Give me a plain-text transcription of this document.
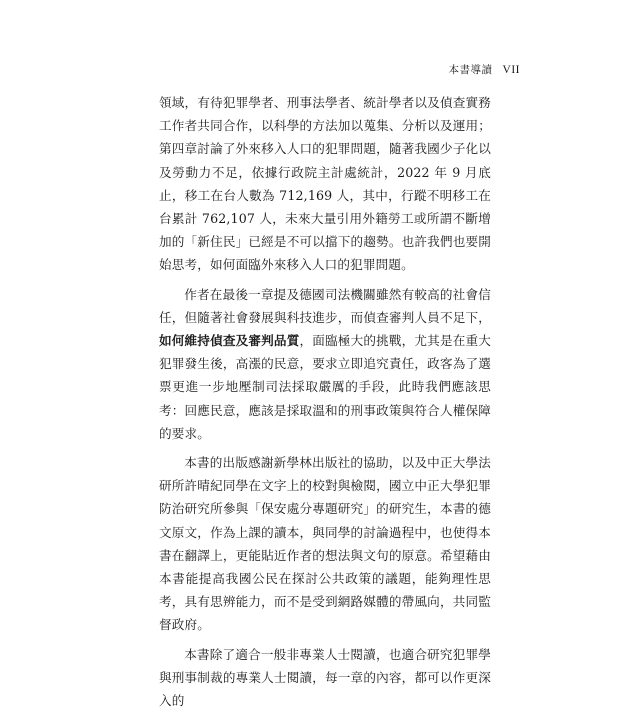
本書導讀 VII

領域，有待犯罪學者、刑事法學者、統計學者以及偵查實務工作者共同合作，以科學的方法加以蒐集、分析以及運用；第四章討論了外來移入人口的犯罪問題，隨著我國少子化以及勞動力不足，依據行政院主計處統計，2022 年 9 月底止，移工在台人數為 712,169 人，其中，行蹤不明移工在台累計 762,107 人，未來大量引用外籍勞工或所謂不斷增加的「新住民」已經是不可以擋下的趨勢。也許我們也要開始思考，如何面臨外來移入人口的犯罪問題。

作者在最後一章提及德國司法機關雖然有較高的社會信任，但隨著社會發展與科技進步，而偵查審判人員不足下，如何維持偵查及審判品質，面臨極大的挑戰，尤其是在重大犯罪發生後，高漲的民意，要求立即追究責任，政客為了選票更進一步地壓制司法採取嚴厲的手段，此時我們應該思考：回應民意，應該是採取溫和的刑事政策與符合人權保障的要求。

本書的出版感謝新學林出版社的協助，以及中正大學法研所許晴紀同學在文字上的校對與檢閱，國立中正大學犯罪防治研究所參與「保安處分專題研究」的研究生，本書的德文原文，作為上課的讀本，與同學的討論過程中，也使得本書在翻譯上，更能貼近作者的想法與文句的原意。希望藉由本書能提高我國公民在探討公共政策的議題，能夠理性思考，具有思辨能力，而不是受到網路媒體的帶風向，共同監督政府。

本書除了適合一般非專業人士閱讀，也適合研究犯罪學與刑事制裁的專業人士閱讀，每一章的內容，都可以作更深入的
